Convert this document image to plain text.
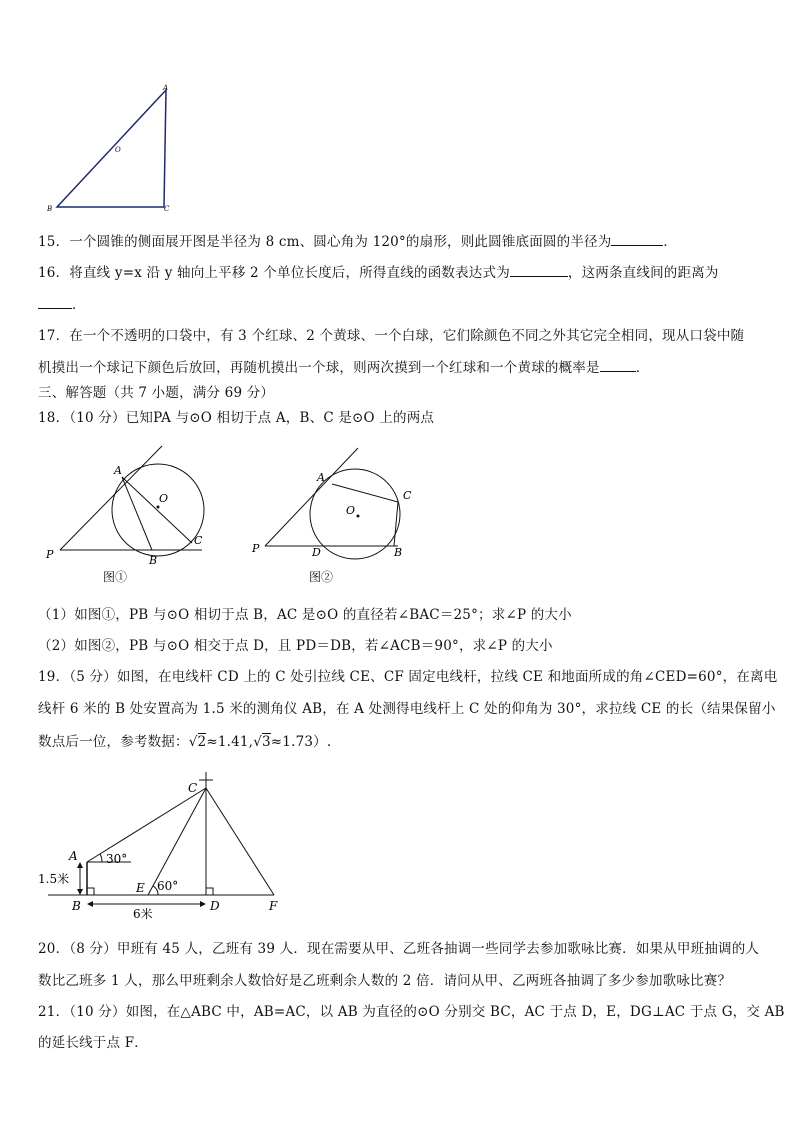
A
B	C
O
15．一个圆锥的侧面展开图是半径为 8 cm、圆心角为 120°的扇形，则此圆锥底面圆的半径为	．
16．将直线 y=x 沿 y 轴向上平移 2 个单位长度后，所得直线的函数表达式为	，这两条直线间的距离为
．
17．在一个不透明的口袋中，有 3 个红球、2 个黄球、一个白球，它们除颜色不同之外其它完全相同，现从口袋中随
机摸出一个球记下颜色后放回，再随机摸出一个球，则两次摸到一个红球和一个黄球的概率是	．
三、解答题（共 7 小题，满分 69 分）
18．（10 分）已知PA 与⊙O 相切于点 A，B、C 是⊙O 上的两点
A
O
C
B
P
图①
A
C
O
P	D	B
图②
（1）如图①，PB 与⊙O 相切于点 B，AC 是⊙O 的直径若∠BAC＝25°；求∠P 的大小
（2）如图②，PB 与⊙O 相交于点 D，且 PD＝DB，若∠ACB＝90°，求∠P 的大小
19．（5 分）如图，在电线杆 CD 上的 C 处引拉线 CE、CF 固定电线杆，拉线 CE 和地面所成的角∠CED=60°，在离电
线杆 6 米的 B 处安置高为 1.5 米的测角仪 AB，在 A 处测得电线杆上 C 处的仰角为 30°，求拉线 CE 的长（结果保留小
数点后一位，参考数据：√2≈1.41,√3≈1.73）.
C
A
B	D
E
F
30°
60°
1.5米
6米
20．（8 分）甲班有 45 人，乙班有 39 人．现在需要从甲、乙班各抽调一些同学去参加歌咏比赛．如果从甲班抽调的人
数比乙班多 1 人，那么甲班剩余人数恰好是乙班剩余人数的 2 倍．请问从甲、乙两班各抽调了多少参加歌咏比赛？
21．（10 分）如图，在△ABC 中，AB=AC，以 AB 为直径的⊙O 分别交 BC，AC 于点 D，E，DG⊥AC 于点 G，交 AB
的延长线于点 F．
